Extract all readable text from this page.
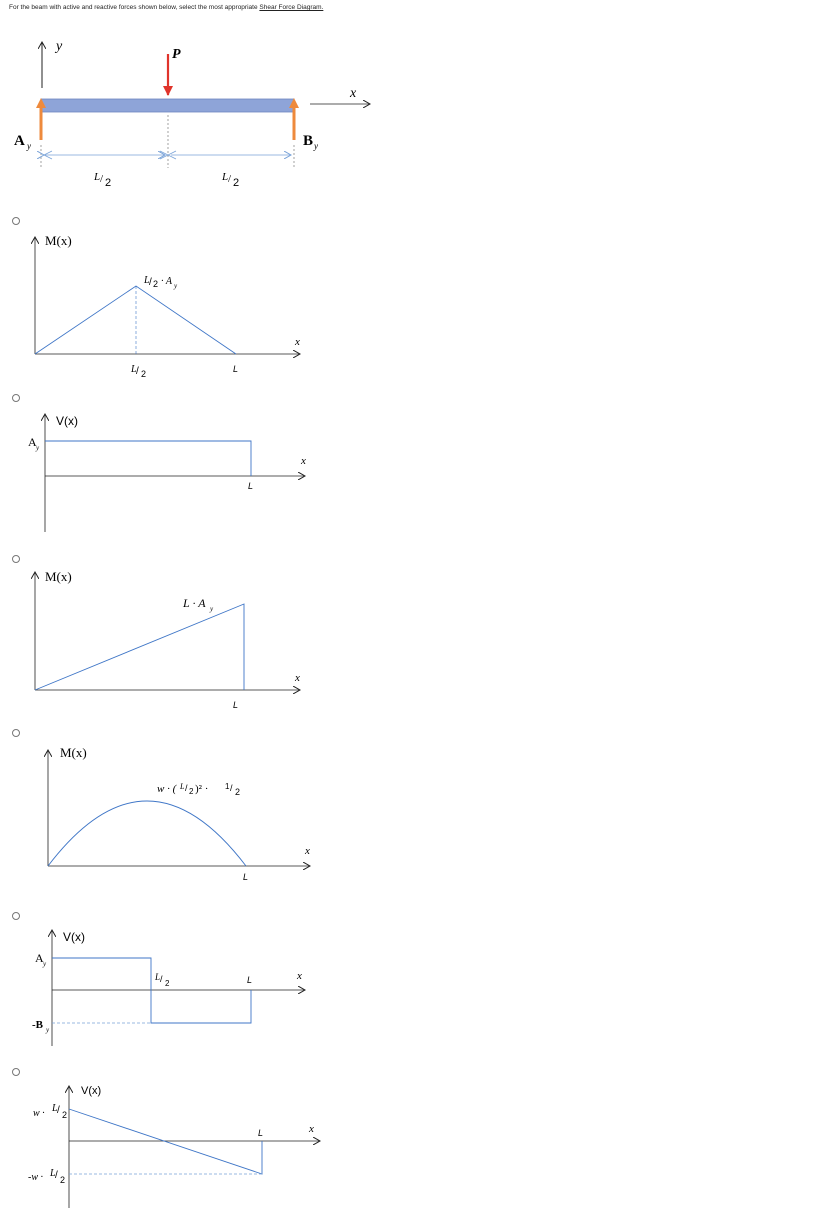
For the beam with active and reactive forces shown below, select the most appropriate Shear Force Diagram.
y
P
A y	B y
x
L / 2	L / 2
M(x)
x
L / 2 · A y
L / 2	L
V(x)
x
A y
L
M(x)
x
L · A y
L
M(x)
x
w · ( L / 2 )² · 1 / 2
L
V(x)
x
A y
-B y
L / 2	L
V(x)
x
w · L / 2
-w · L / 2
L
